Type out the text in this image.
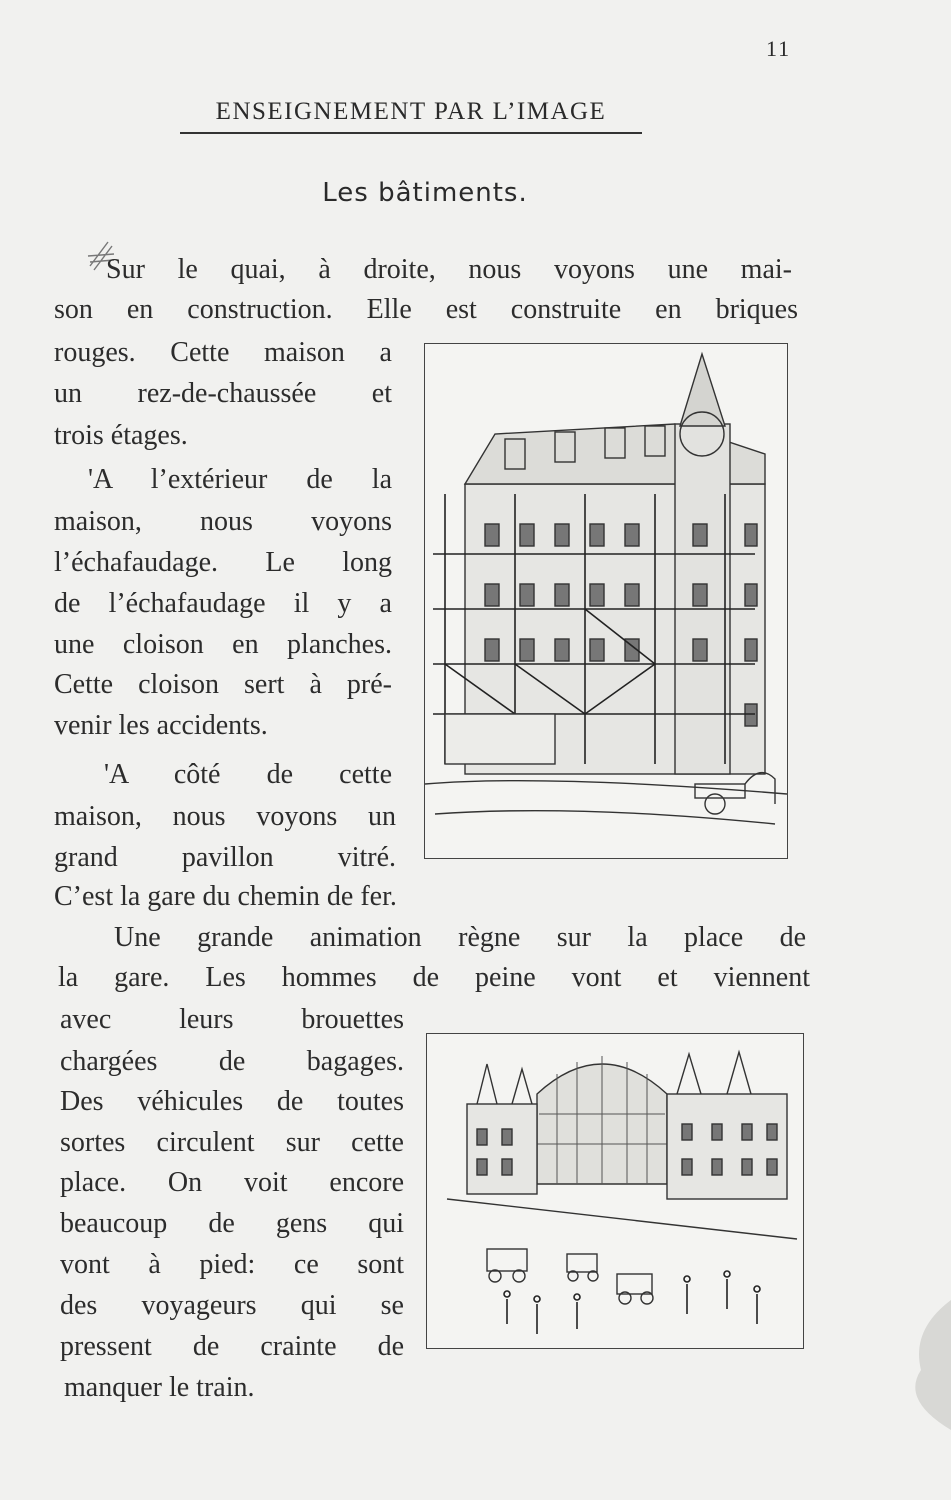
11
ENSEIGNEMENT PAR L’IMAGE
Les bâtiments.
Sur le quai, à droite, nous voyons une mai-
son en construction. Elle est construite en briques
rouges. Cette maison a
un rez-de-chaussée et
trois étages.
'A l’extérieur de la
maison, nous voyons
l’échafaudage. Le long
de l’échafaudage il y a
une cloison en planches.
Cette cloison sert à pré-
venir les accidents.
'A côté de cette
maison, nous voyons un
grand pavillon vitré.
C’est la gare du chemin de fer.
Une grande animation règne sur la place de
la gare. Les hommes de peine vont et viennent
avec leurs brouettes
chargées de bagages.
Des véhicules de toutes
sortes circulent sur cette
place. On voit encore
beaucoup de gens qui
vont à pied: ce sont
des voyageurs qui se
pressent de crainte de
manquer le train.
